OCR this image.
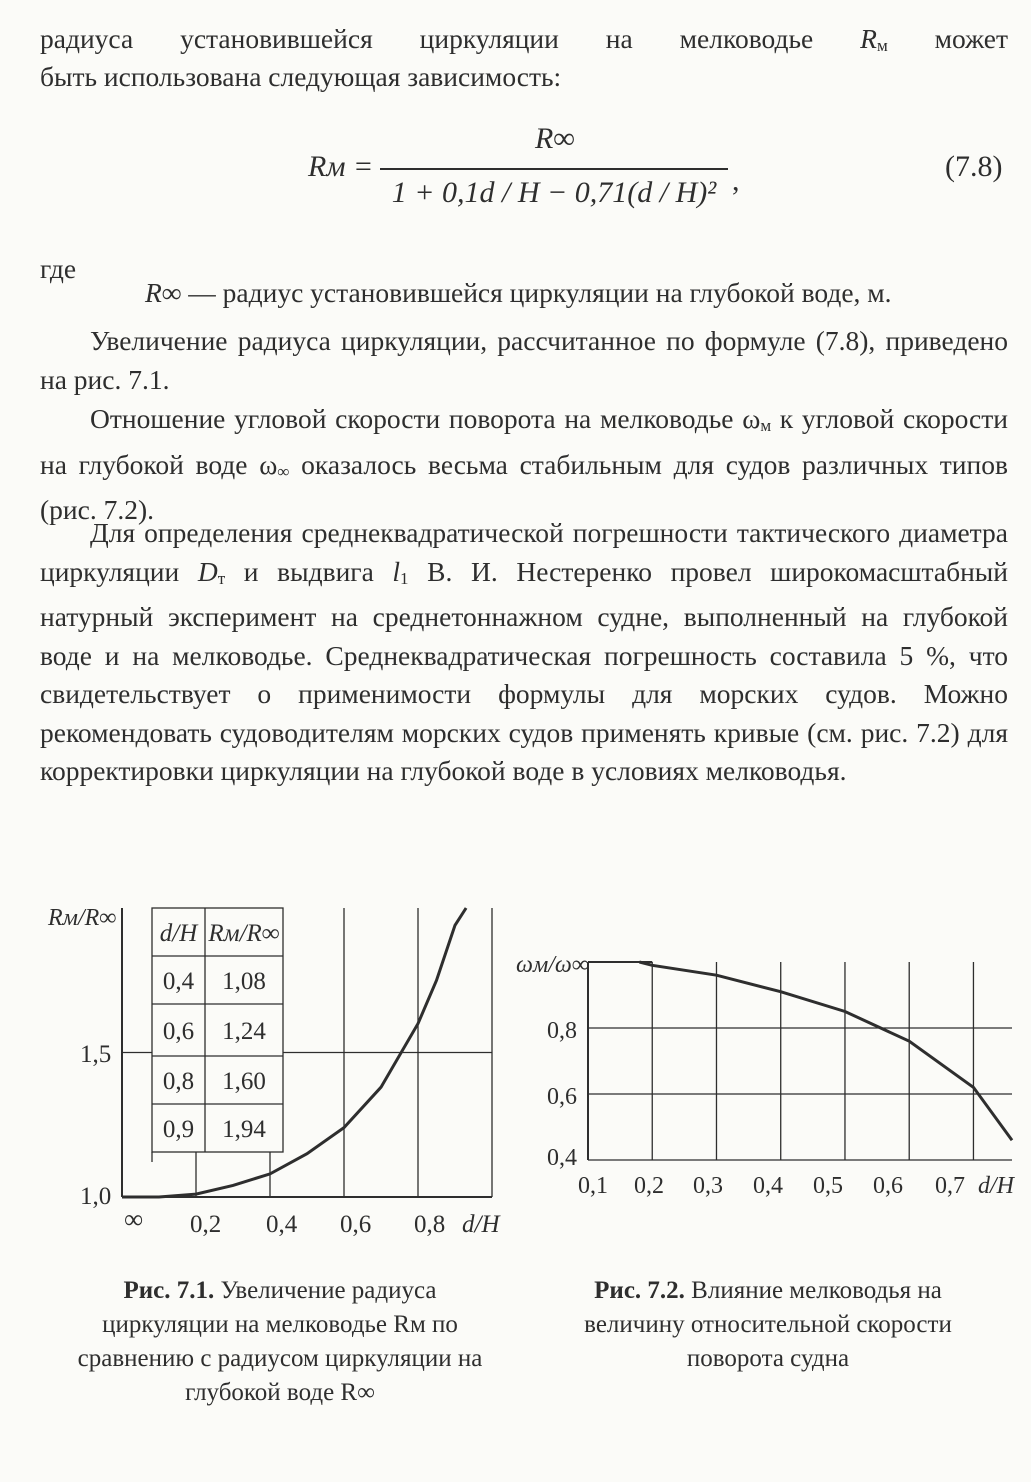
радиуса установившейся циркуляции на мелководье $R_м$ может

быть использована следующая зависимость:

Rм =
R∞
1 + 0,1d / H − 0,71(d / H)² ,	(7.8)
где

R∞ — радиус установившейся циркуляции на глубокой воде, м.

Увеличение радиуса циркуляции, рассчитанное по формуле (7.8), приведено на рис. 7.1.

Отношение угловой скорости поворота на мелководье $\omega_м$ к угловой скорости на глубокой воде $\omega_\infty$ оказалось весьма стабильным для судов различных типов (рис. 7.2).

Для определения среднеквадратической погрешности тактического диаметра циркуляции $D_т$ и выдвига $l_1$ В. И. Нестеренко провел широкомасштабный натурный эксперимент на среднетоннажном судне, выполненный на глубокой воде и на мелководье. Среднеквадратическая погрешность составила 5 %, что свидетельствует о применимости формулы для морских судов. Можно рекомендовать судоводителям морских судов применять кривые (см. рис. 7.2) для корректировки циркуляции на глубокой воде в условиях мелководья.

d/H Rм/R∞
0,4 1,08
0,6 1,24
0,8 1,60
0,9 1,94
Rм/R∞
d/H
1,5
1,0
∞ 0,2 0,4 0,6 0,8
ωм/ω∞
0,8
0,6
0,4
0,1 0,2 0,3 0,4 0,5 0,6 0,7 d/H
Рис. 7.1. Увеличение радиуса циркуляции на мелководье Rм по сравнению с радиусом циркуляции на глубокой воде R∞
Рис. 7.2. Влияние мелководья на величину относительной скорости поворота судна
